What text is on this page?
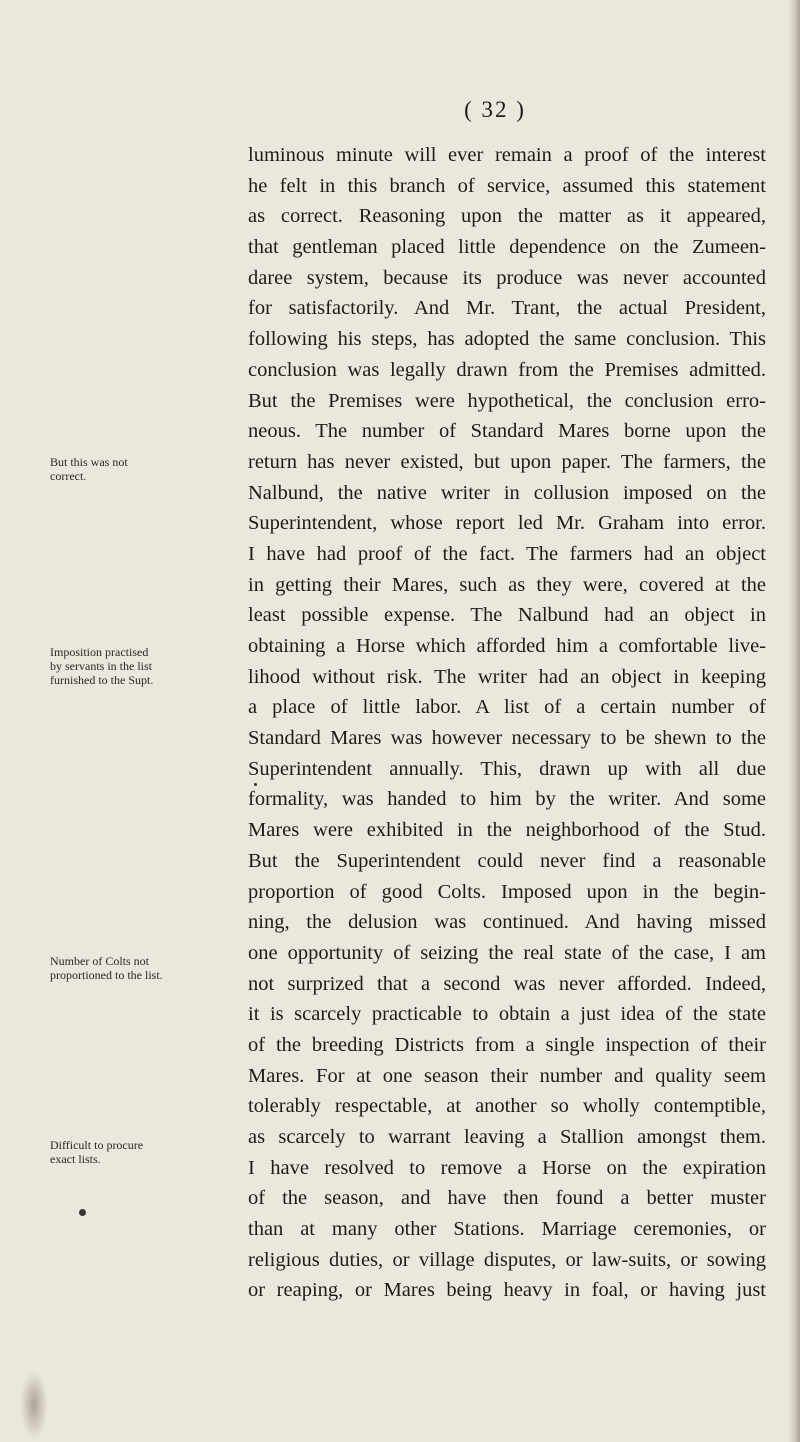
( 32 )
But this was not
correct.
Imposition practised
by servants in the list
furnished to the Supt.
Number of Colts not
proportioned to the list.
Difficult to procure
exact lists.
luminous minute will ever remain a proof of the interest
he felt in this branch of service, assumed this statement
as correct. Reasoning upon the matter as it appeared,
that gentleman placed little dependence on the Zumeen-
daree system, because its produce was never accounted
for satisfactorily. And Mr. Trant, the actual President,
following his steps, has adopted the same conclusion. This
conclusion was legally drawn from the Premises admitted.
But the Premises were hypothetical, the conclusion erro-
neous. The number of Standard Mares borne upon the
return has never existed, but upon paper. The farmers, the
Nalbund, the native writer in collusion imposed on the
Superintendent, whose report led Mr. Graham into error.
I have had proof of the fact. The farmers had an object
in getting their Mares, such as they were, covered at the
least possible expense. The Nalbund had an object in
obtaining a Horse which afforded him a comfortable live-
lihood without risk. The writer had an object in keeping
a place of little labor. A list of a certain number of
Standard Mares was however necessary to be shewn to the
Superintendent annually. This, drawn up with all due
formality, was handed to him by the writer. And some
Mares were exhibited in the neighborhood of the Stud.
But the Superintendent could never find a reasonable
proportion of good Colts. Imposed upon in the begin-
ning, the delusion was continued. And having missed
one opportunity of seizing the real state of the case, I am
not surprized that a second was never afforded. Indeed,
it is scarcely practicable to obtain a just idea of the state
of the breeding Districts from a single inspection of their
Mares. For at one season their number and quality seem
tolerably respectable, at another so wholly contemptible,
as scarcely to warrant leaving a Stallion amongst them.
I have resolved to remove a Horse on the expiration
of the season, and have then found a better muster
than at many other Stations. Marriage ceremonies, or
religious duties, or village disputes, or law-suits, or sowing
or reaping, or Mares being heavy in foal, or having just
